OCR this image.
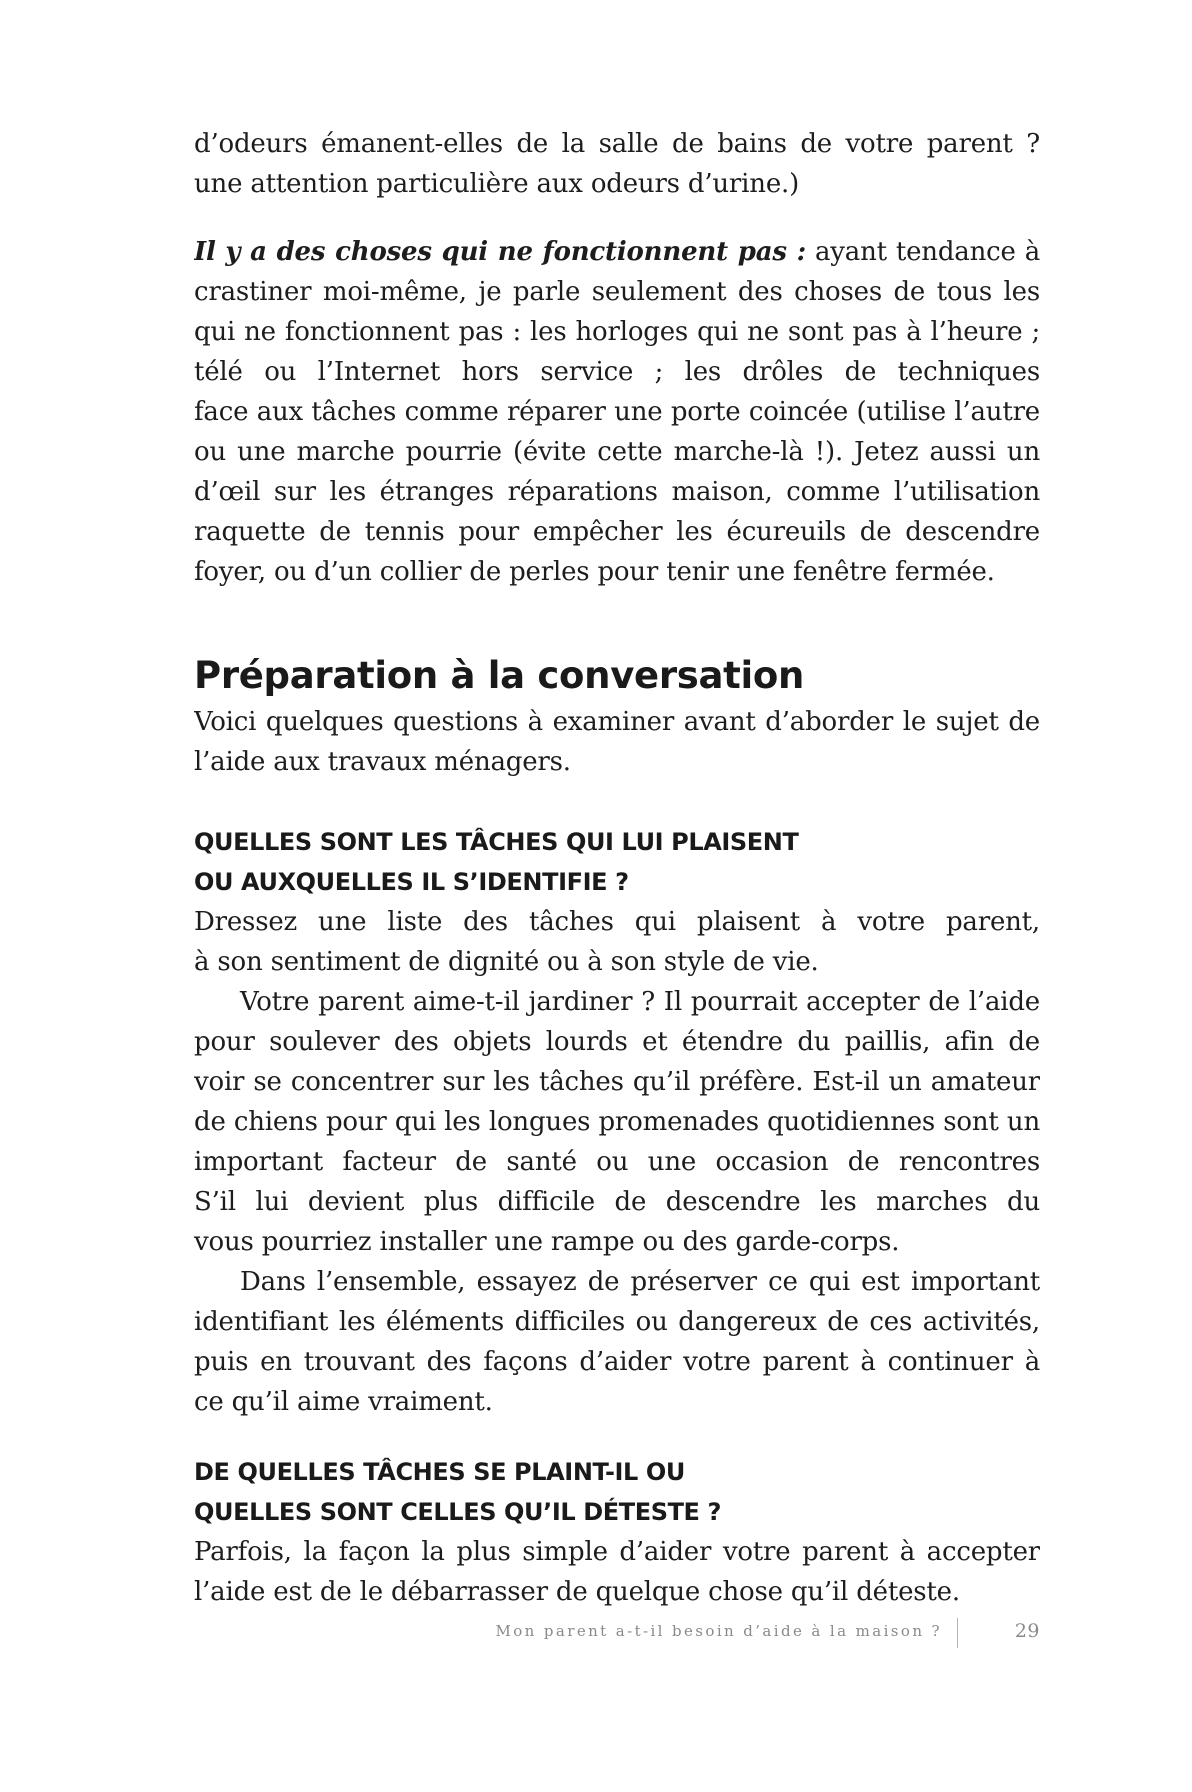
d’odeurs émanent-elles de la salle de bains de votre parent ?
une attention particulière aux odeurs d’urine.)
Il y a des choses qui ne fonctionnent pas : ayant tendance à
crastiner moi-même, je parle seulement des choses de tous les
qui ne fonctionnent pas : les horloges qui ne sont pas à l’heure ;
télé ou l’Internet hors service ; les drôles de techniques
face aux tâches comme réparer une porte coincée (utilise l’autre
ou une marche pourrie (évite cette marche-là !). Jetez aussi un
d’œil sur les étranges réparations maison, comme l’utilisation
raquette de tennis pour empêcher les écureuils de descendre
foyer, ou d’un collier de perles pour tenir une fenêtre fermée.
Préparation à la conversation
Voici quelques questions à examiner avant d’aborder le sujet de
l’aide aux travaux ménagers.
QUELLES SONT LES TÂCHES QUI LUI PLAISENT
OU AUXQUELLES IL S’IDENTIFIE ?
Dressez une liste des tâches qui plaisent à votre parent,
à son sentiment de dignité ou à son style de vie.
Votre parent aime-t-il jardiner ? Il pourrait accepter de l’aide
pour soulever des objets lourds et étendre du paillis, afin de
voir se concentrer sur les tâches qu’il préfère. Est-il un amateur
de chiens pour qui les longues promenades quotidiennes sont un
important facteur de santé ou une occasion de rencontres
S’il lui devient plus difficile de descendre les marches du
vous pourriez installer une rampe ou des garde-corps.
Dans l’ensemble, essayez de préserver ce qui est important
identifiant les éléments difficiles ou dangereux de ces activités,
puis en trouvant des façons d’aider votre parent à continuer à
ce qu’il aime vraiment.
DE QUELLES TÂCHES SE PLAINT-IL OU
QUELLES SONT CELLES QU’IL DÉTESTE ?
Parfois, la façon la plus simple d’aider votre parent à accepter
l’aide est de le débarrasser de quelque chose qu’il déteste.
Mon parent a-t-il besoin d’aide à la maison ?	29
